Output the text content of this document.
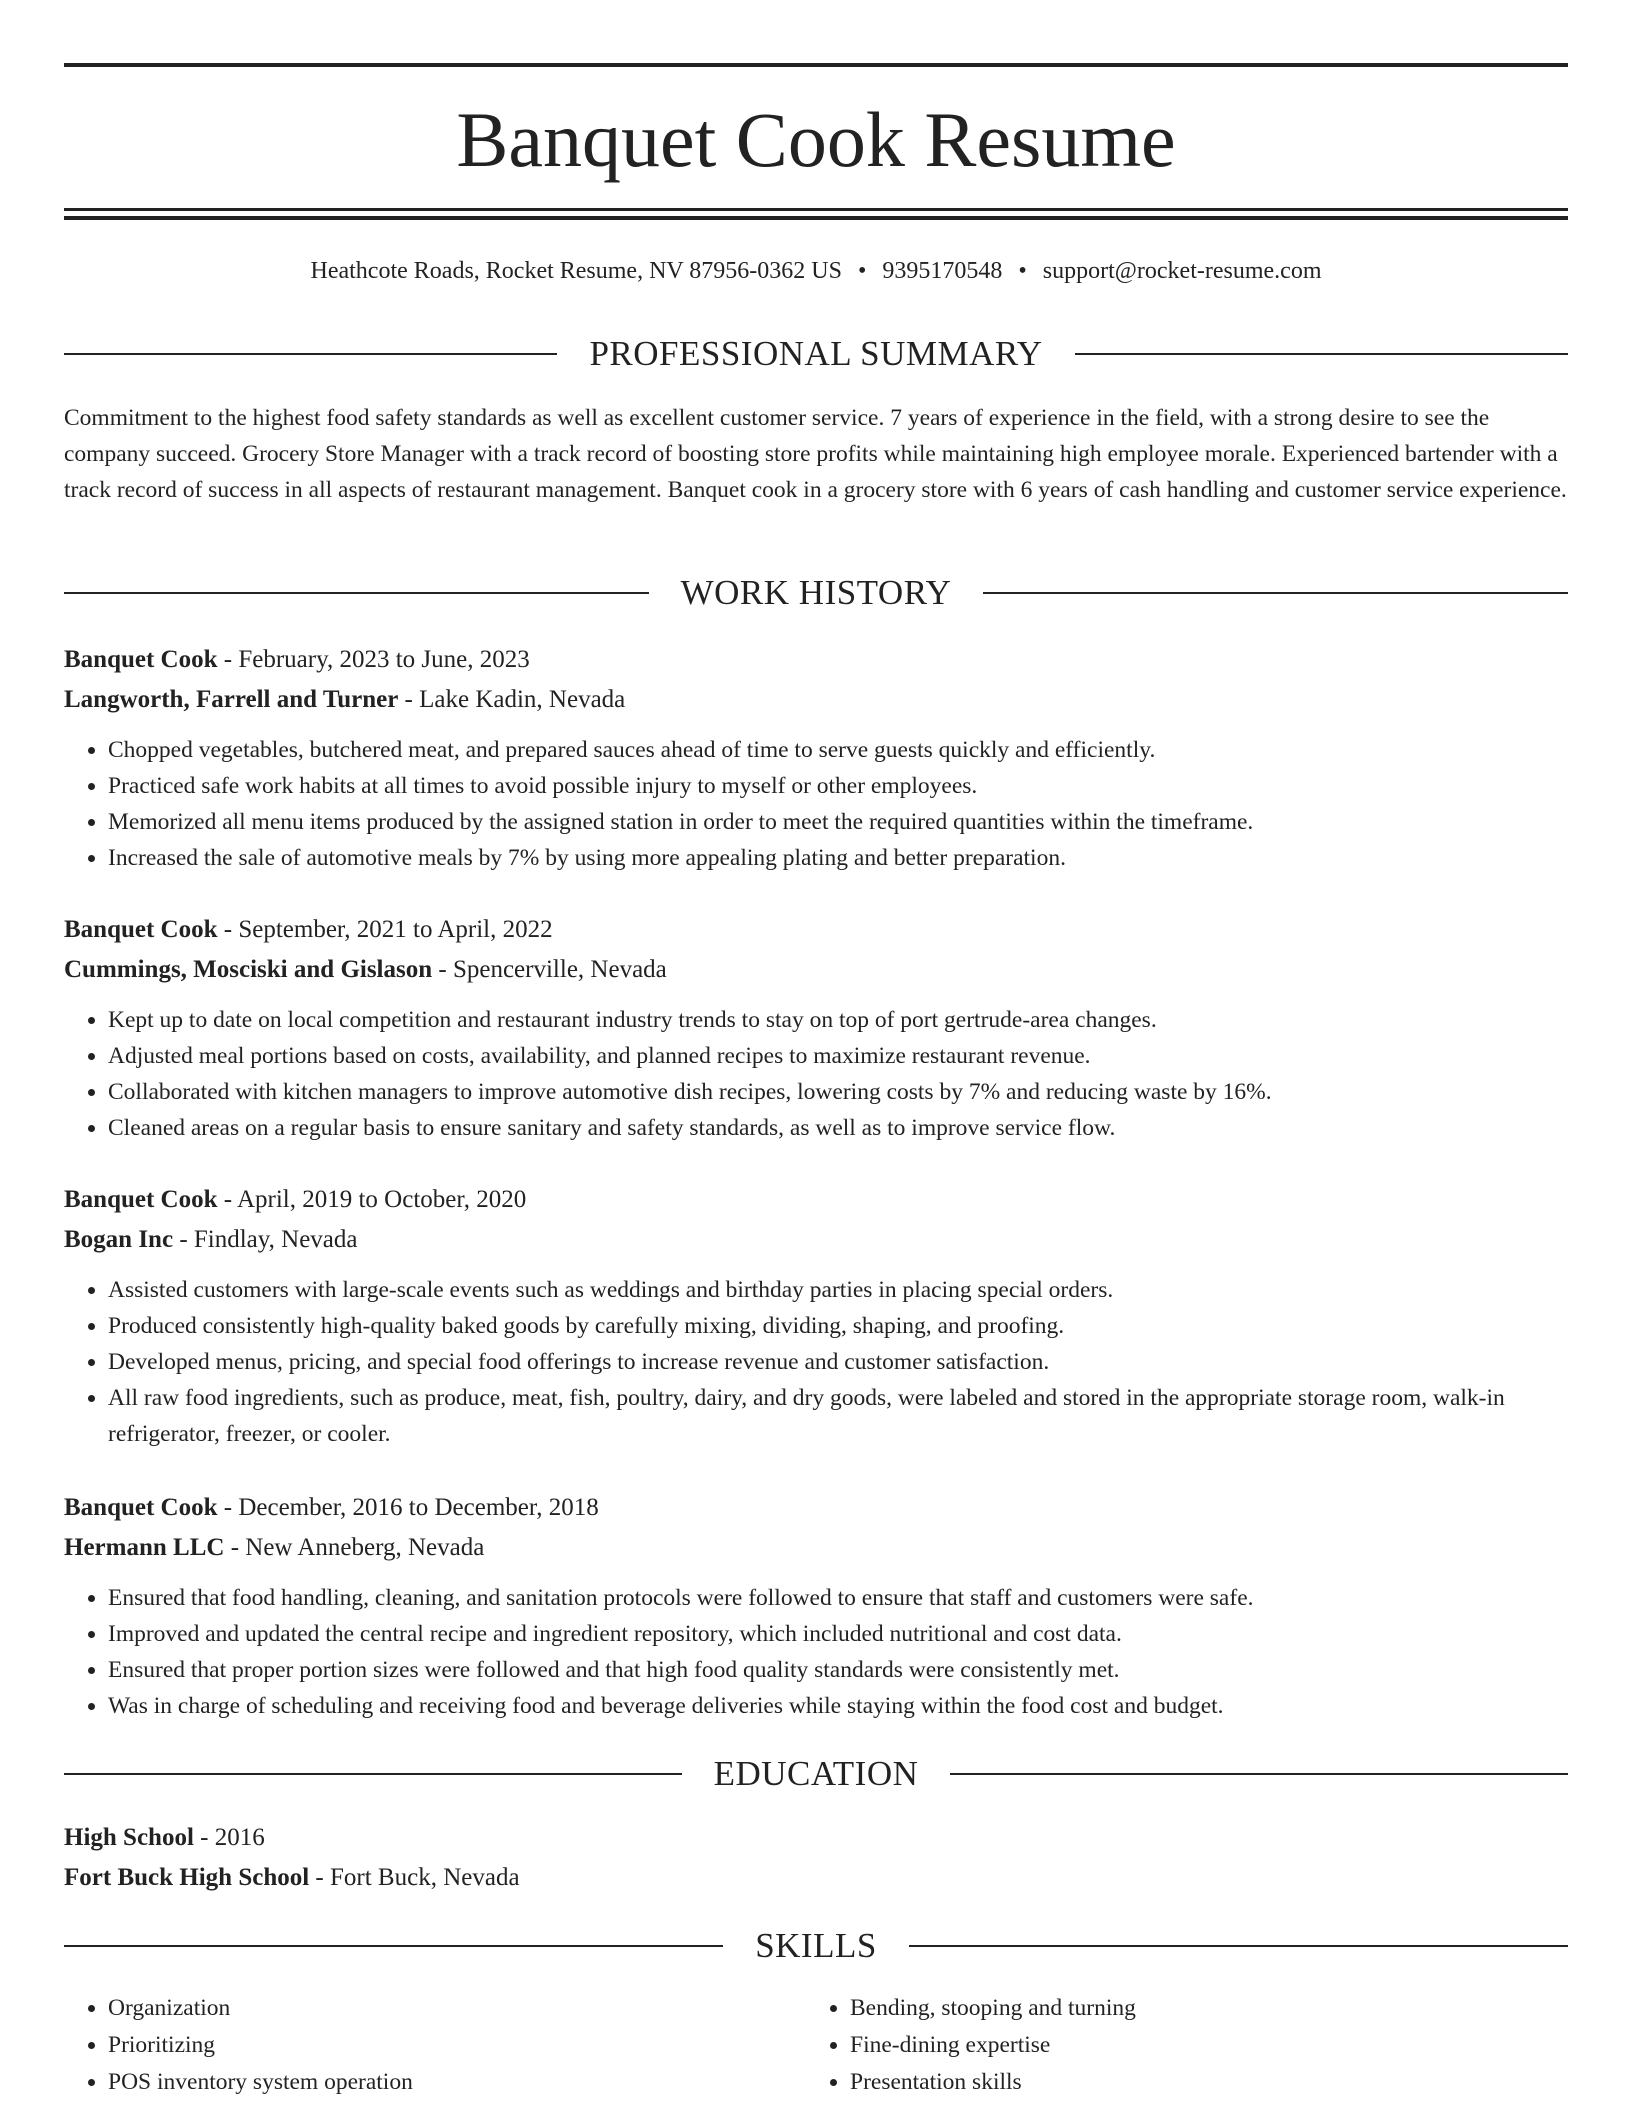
Banquet Cook Resume
Heathcote Roads, Rocket Resume, NV 87956-0362 US • 9395170548 • support@rocket-resume.com
PROFESSIONAL SUMMARY

Commitment to the highest food safety standards as well as excellent customer service. 7 years of experience in the field, with a strong desire to see the company succeed. Grocery Store Manager with a track record of boosting store profits while maintaining high employee morale. Experienced bartender with a track record of success in all aspects of restaurant management. Banquet cook in a grocery store with 6 years of cash handling and customer service experience.

WORK HISTORY
Banquet Cook - February, 2023 to June, 2023
Langworth, Farrell and Turner - Lake Kadin, Nevada
• Chopped vegetables, butchered meat, and prepared sauces ahead of time to serve guests quickly and efficiently.
• Practiced safe work habits at all times to avoid possible injury to myself or other employees.
• Memorized all menu items produced by the assigned station in order to meet the required quantities within the timeframe.
• Increased the sale of automotive meals by 7% by using more appealing plating and better preparation.
Banquet Cook - September, 2021 to April, 2022
Cummings, Mosciski and Gislason - Spencerville, Nevada
• Kept up to date on local competition and restaurant industry trends to stay on top of port gertrude-area changes.
• Adjusted meal portions based on costs, availability, and planned recipes to maximize restaurant revenue.
• Collaborated with kitchen managers to improve automotive dish recipes, lowering costs by 7% and reducing waste by 16%.
• Cleaned areas on a regular basis to ensure sanitary and safety standards, as well as to improve service flow.
Banquet Cook - April, 2019 to October, 2020
Bogan Inc - Findlay, Nevada
• Assisted customers with large-scale events such as weddings and birthday parties in placing special orders.
• Produced consistently high-quality baked goods by carefully mixing, dividing, shaping, and proofing.
• Developed menus, pricing, and special food offerings to increase revenue and customer satisfaction.
• All raw food ingredients, such as produce, meat, fish, poultry, dairy, and dry goods, were labeled and stored in the appropriate storage room, walk-in refrigerator, freezer, or cooler.
Banquet Cook - December, 2016 to December, 2018
Hermann LLC - New Anneberg, Nevada
• Ensured that food handling, cleaning, and sanitation protocols were followed to ensure that staff and customers were safe.
• Improved and updated the central recipe and ingredient repository, which included nutritional and cost data.
• Ensured that proper portion sizes were followed and that high food quality standards were consistently met.
• Was in charge of scheduling and receiving food and beverage deliveries while staying within the food cost and budget.
EDUCATION
High School - 2016
Fort Buck High School - Fort Buck, Nevada
SKILLS
• Organization
• Prioritizing
• POS inventory system operation
• Bending, stooping and turning
• Fine-dining expertise
• Presentation skills
